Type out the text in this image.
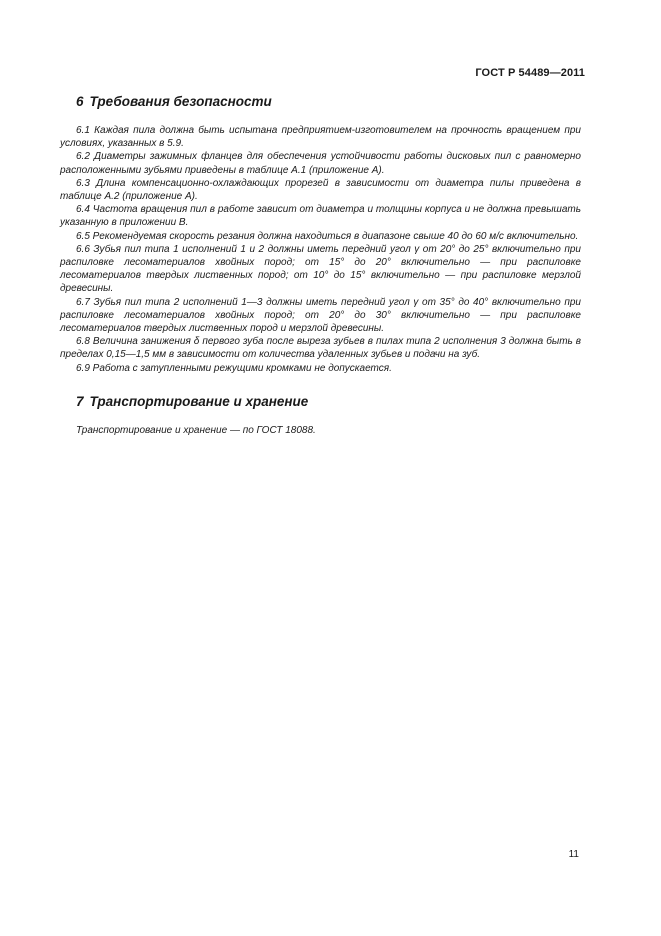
ГОСТ Р 54489—2011
6 Требования безопасности

6.1 Каждая пила должна быть испытана предприятием-изготовителем на прочность вращением при условиях, указанных в 5.9.

6.2 Диаметры зажимных фланцев для обеспечения устойчивости работы дисковых пил с равномерно расположенными зубьями приведены в таблице А.1 (приложение А).

6.3 Длина компенсационно-охлаждающих прорезей в зависимости от диаметра пилы приведена в таблице А.2 (приложение А).

6.4 Частота вращения пил в работе зависит от диаметра и толщины корпуса и не должна превышать указанную в приложении В.

6.5 Рекомендуемая скорость резания должна находиться в диапазоне свыше 40 до 60 м/с включительно.

6.6 Зубья пил типа 1 исполнений 1 и 2 должны иметь передний угол γ от 20° до 25° включительно при распиловке лесоматериалов хвойных пород; от 15° до 20° включительно — при распиловке лесоматериалов твердых лиственных пород; от 10° до 15° включительно — при распиловке мерзлой древесины.

6.7 Зубья пил типа 2 исполнений 1—3 должны иметь передний угол γ от 35° до 40° включительно при распиловке лесоматериалов хвойных пород; от 20° до 30° включительно — при распиловке лесоматериалов твердых лиственных пород и мерзлой древесины.

6.8 Величина занижения δ первого зуба после выреза зубьев в пилах типа 2 исполнения 3 должна быть в пределах 0,15—1,5 мм в зависимости от количества удаленных зубьев и подачи на зуб.

6.9 Работа с затупленными режущими кромками не допускается.

7 Транспортирование и хранение

Транспортирование и хранение — по ГОСТ 18088.

11
